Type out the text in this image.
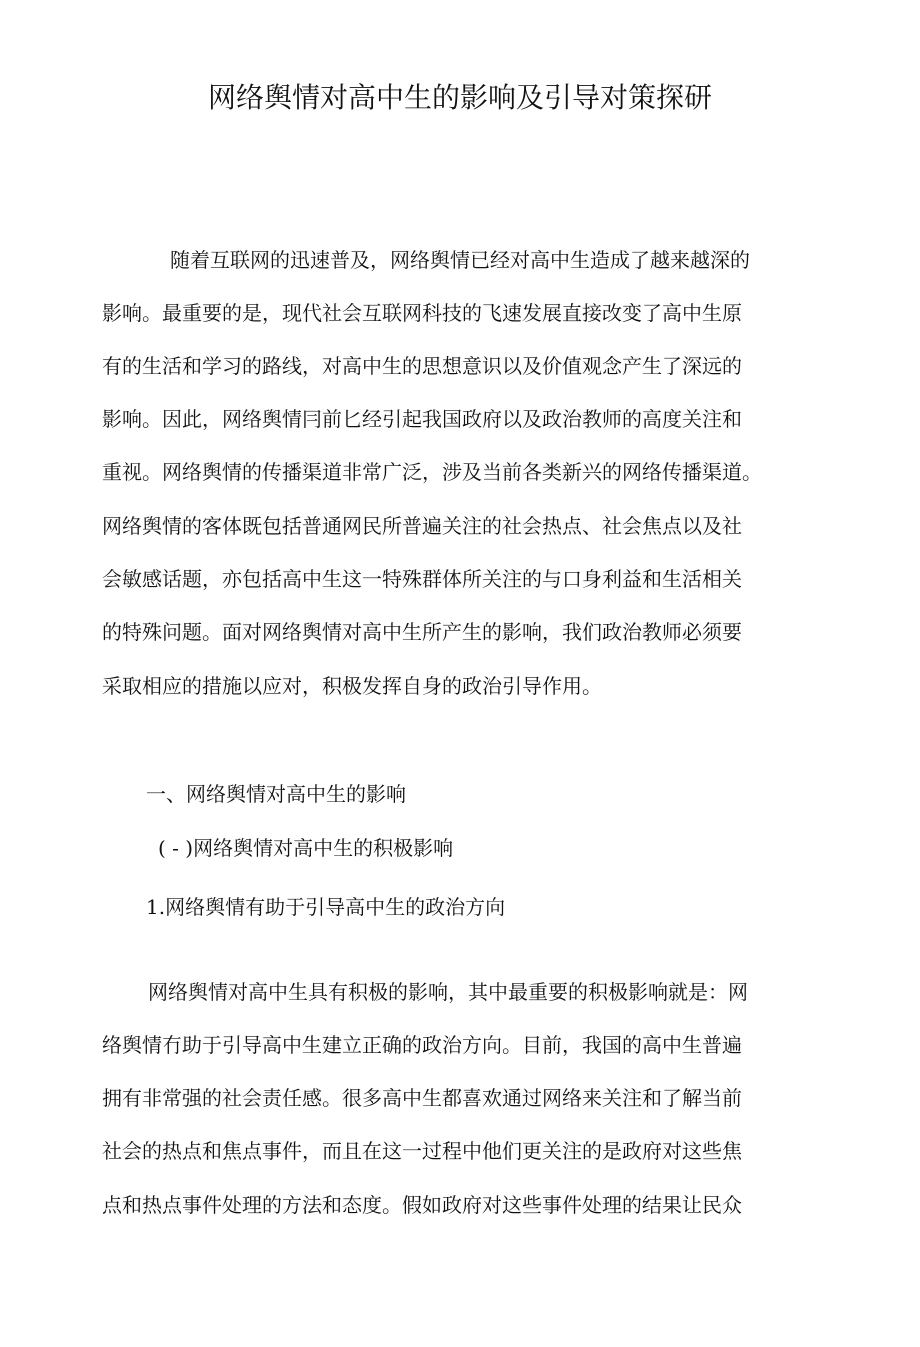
网络舆情对高中生的影响及引导对策探研
随着互联网的迅速普及，网络舆情已经对高中生造成了越来越深的
影响。最重要的是，现代社会互联网科技的飞速发展直接改变了高中生原
有的生活和学习的路线，对高中生的思想意识以及价值观念产生了深远的
影响。因此，网络舆情冃前匕经引起我国政府以及政治教师的高度关注和
重视。网络舆情的传播渠道非常广泛，涉及当前各类新兴的网络传播渠道。
网络舆情的客体既包括普通网民所普遍关注的社会热点、社会焦点以及社
会敏感话题，亦包括高中生这一特殊群体所关注的与口身利益和生活相关
的特殊问题。面对网络舆情对高中生所产生的影响，我们政治教师必须要
采取相应的措施以应对，积极发挥自身的政治引导作用。
一、网络舆情对高中生的影响
( - )网络舆情对高中生的积极影响
1.网络舆情有助于引导高中生的政治方向
网络舆情对高中生具有积极的影响，其中最重要的积极影响就是：网
络舆情冇助于引导高中生建立正确的政治方向。目前，我国的高中生普遍
拥有非常强的社会责任感。很多高中生都喜欢通过网络来关注和了解当前
社会的热点和焦点事件，而且在这一过程中他们更关注的是政府对这些焦
点和热点事件处理的方法和态度。假如政府对这些事件处理的结果让民众
